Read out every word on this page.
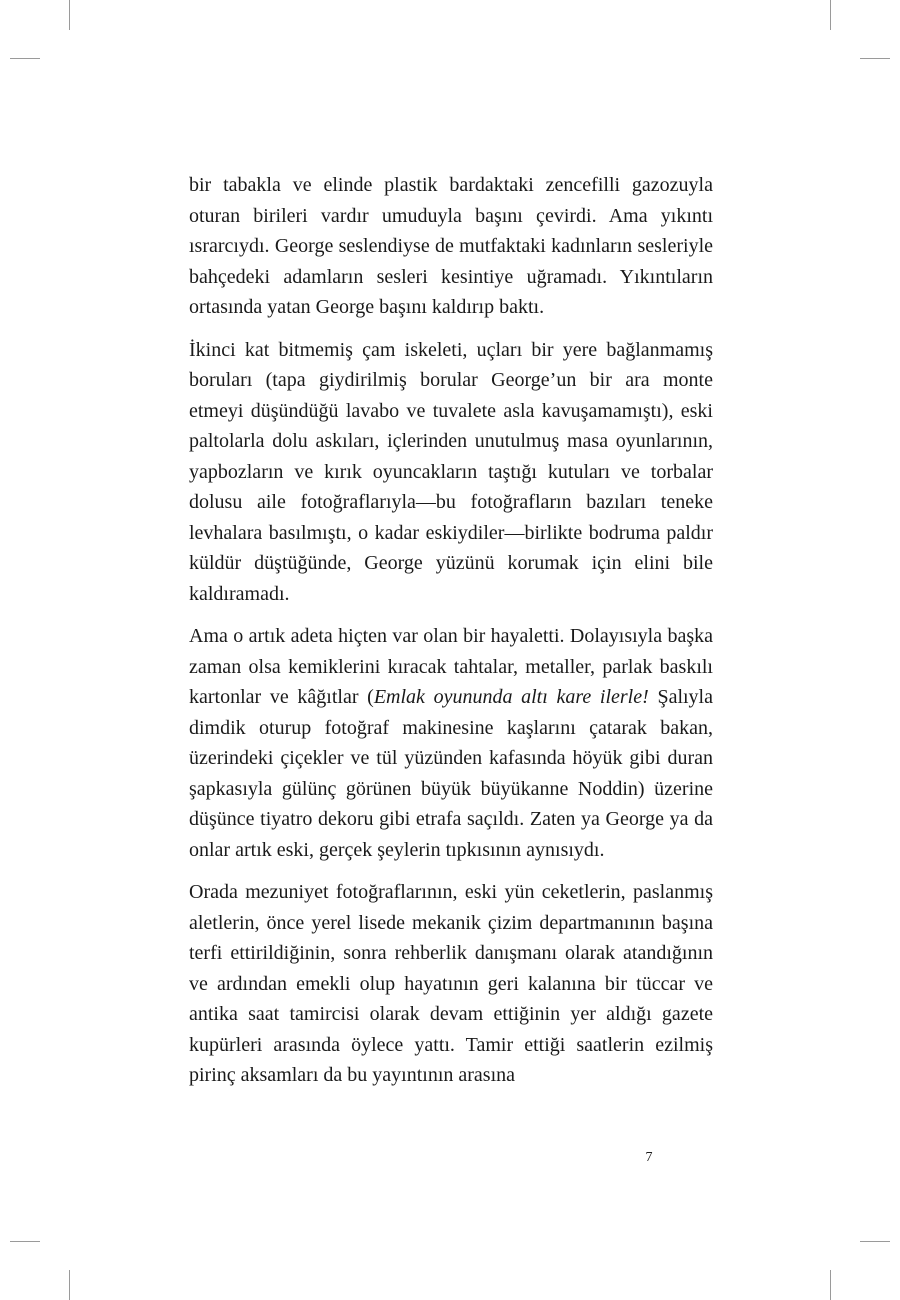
bir tabakla ve elinde plastik bardaktaki zencefilli gazozuyla oturan birileri vardır umuduyla başını çevirdi. Ama yıkıntı ısrarcıydı. George seslendiyse de mutfaktaki kadınların sesleriyle bahçedeki adamların sesleri kesintiye uğramadı. Yıkıntıların ortasında yatan George başını kaldırıp baktı.

İkinci kat bitmemiş çam iskeleti, uçları bir yere bağlanmamış boruları (tapa giydirilmiş borular George’un bir ara monte etmeyi düşündüğü lavabo ve tuvalete asla kavuşamamıştı), eski paltolarla dolu askıları, içlerinden unutulmuş masa oyunlarının, yapbozların ve kırık oyuncakların taştığı kutuları ve torbalar dolusu aile fotoğraflarıyla—bu fotoğrafların bazıları teneke levhalara basılmıştı, o kadar eskiydiler—birlikte bodruma paldır küldür düştüğünde, George yüzünü korumak için elini bile kaldıramadı.

Ama o artık adeta hiçten var olan bir hayaletti. Dolayısıyla başka zaman olsa kemiklerini kıracak tahtalar, metaller, parlak baskılı kartonlar ve kâğıtlar (Emlak oyununda altı kare ilerle! Şalıyla dimdik oturup fotoğraf makinesine kaşlarını çatarak bakan, üzerindeki çiçekler ve tül yüzünden kafasında höyük gibi duran şapkasıyla gülünç görünen büyük büyükanne Noddin) üzerine düşünce tiyatro dekoru gibi etrafa saçıldı. Zaten ya George ya da onlar artık eski, gerçek şeylerin tıpkısının aynısıydı.

Orada mezuniyet fotoğraflarının, eski yün ceketlerin, paslanmış aletlerin, önce yerel lisede mekanik çizim departmanının başına terfi ettirildiğinin, sonra rehberlik danışmanı olarak atandığının ve ardından emekli olup hayatının geri kalanına bir tüccar ve antika saat tamircisi olarak devam ettiğinin yer aldığı gazete kupürleri arasında öylece yattı. Tamir ettiği saatlerin ezilmiş pirinç aksamları da bu yayıntının arasına

7
